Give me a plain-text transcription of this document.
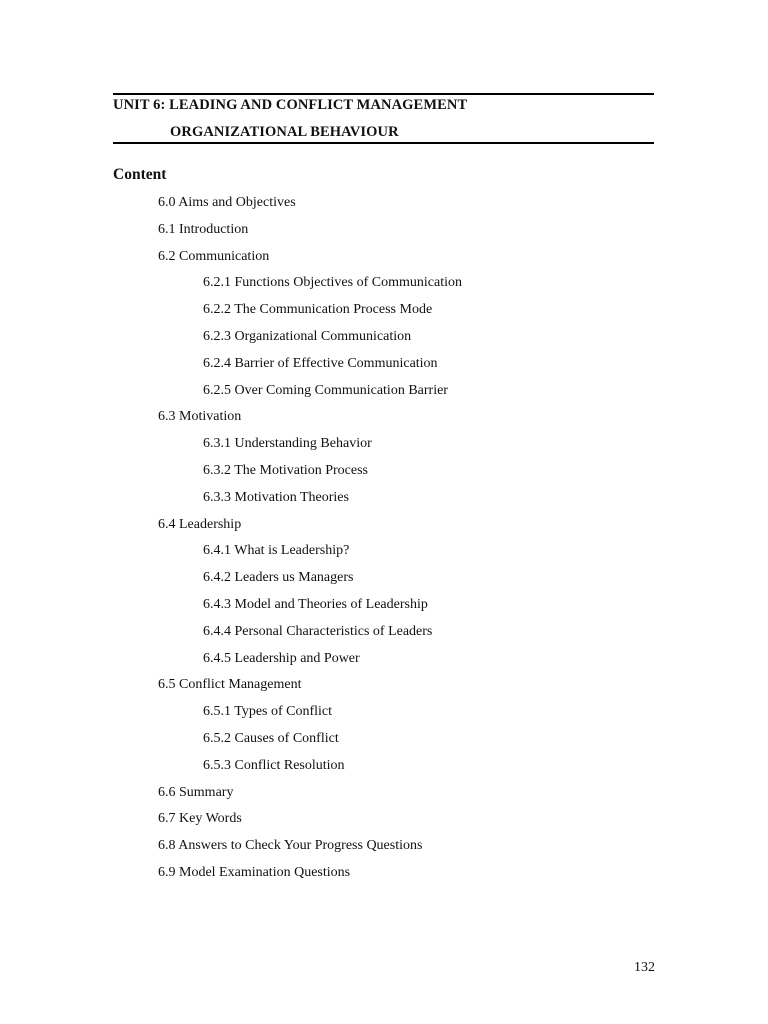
UNIT 6: LEADING AND CONFLICT MANAGEMENT
ORGANIZATIONAL BEHAVIOUR
Content
6.0 Aims and Objectives
6.1 Introduction
6.2 Communication
6.2.1 Functions Objectives of Communication
6.2.2 The Communication Process Mode
6.2.3 Organizational Communication
6.2.4 Barrier of Effective Communication
6.2.5 Over Coming Communication Barrier
6.3 Motivation
6.3.1 Understanding Behavior
6.3.2 The Motivation Process
6.3.3 Motivation Theories
6.4 Leadership
6.4.1 What is Leadership?
6.4.2 Leaders us Managers
6.4.3 Model and Theories of Leadership
6.4.4 Personal Characteristics of Leaders
6.4.5 Leadership and Power
6.5 Conflict Management
6.5.1 Types of Conflict
6.5.2 Causes of Conflict
6.5.3 Conflict Resolution
6.6 Summary
6.7 Key Words
6.8 Answers to Check Your Progress Questions
6.9 Model Examination Questions
132
